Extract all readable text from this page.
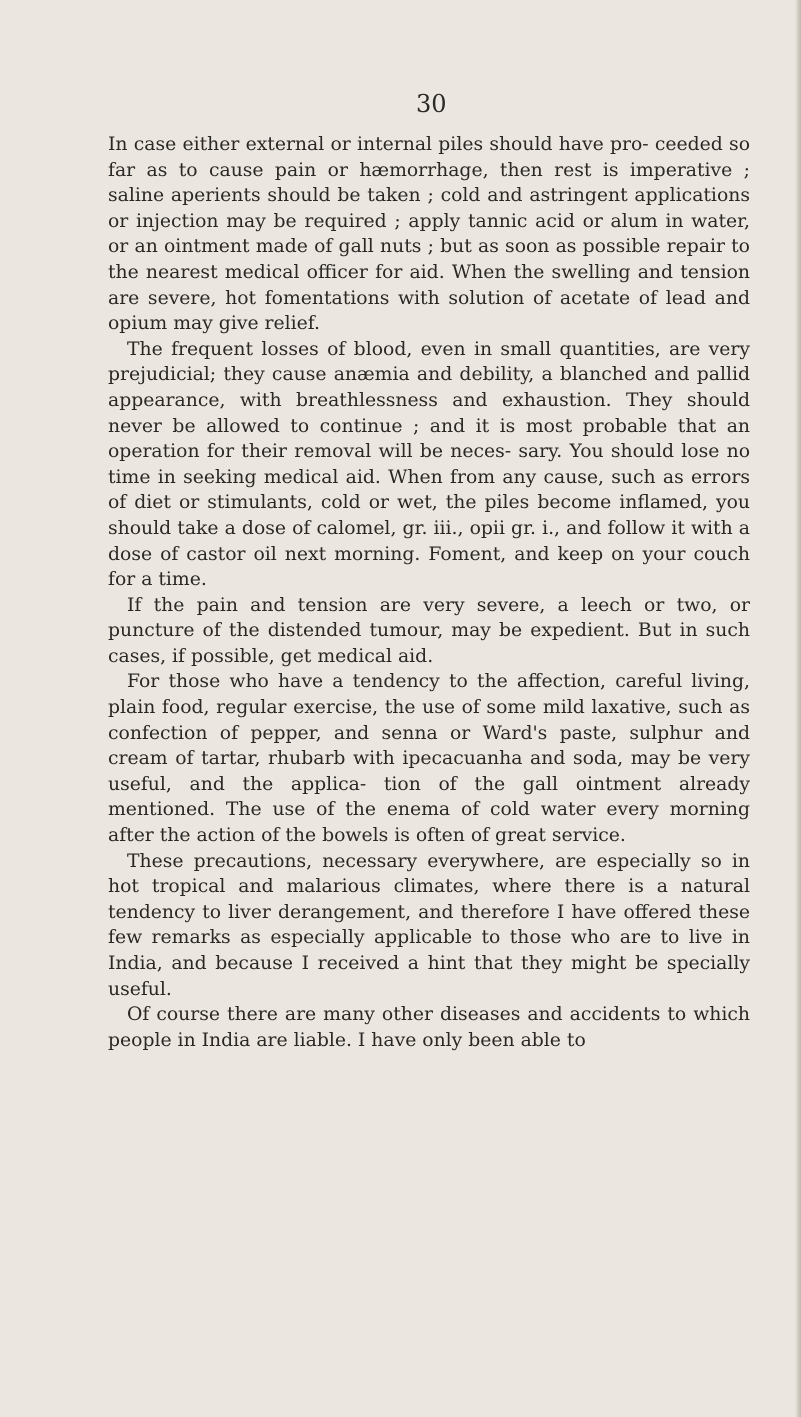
30

In case either external or internal piles should have pro- ceeded so far as to cause pain or hæmorrhage, then rest is imperative ; saline aperients should be taken ; cold and astringent applications or injection may be required ; apply tannic acid or alum in water, or an ointment made of gall nuts ; but as soon as possible repair to the nearest medical officer for aid. When the swelling and tension are severe, hot fomentations with solution of acetate of lead and opium may give relief.

The frequent losses of blood, even in small quantities, are very prejudicial; they cause anæmia and debility, a blanched and pallid appearance, with breathlessness and exhaustion. They should never be allowed to continue ; and it is most probable that an operation for their removal will be neces- sary. You should lose no time in seeking medical aid. When from any cause, such as errors of diet or stimulants, cold or wet, the piles become inflamed, you should take a dose of calomel, gr. iii., opii gr. i., and follow it with a dose of castor oil next morning. Foment, and keep on your couch for a time.

If the pain and tension are very severe, a leech or two, or puncture of the distended tumour, may be expedient. But in such cases, if possible, get medical aid.

For those who have a tendency to the affection, careful living, plain food, regular exercise, the use of some mild laxative, such as confection of pepper, and senna or Ward's paste, sulphur and cream of tartar, rhubarb with ipecacuanha and soda, may be very useful, and the applica- tion of the gall ointment already mentioned. The use of the enema of cold water every morning after the action of the bowels is often of great service.

These precautions, necessary everywhere, are especially so in hot tropical and malarious climates, where there is a natural tendency to liver derangement, and therefore I have offered these few remarks as especially applicable to those who are to live in India, and because I received a hint that they might be specially useful.

Of course there are many other diseases and accidents to which people in India are liable. I have only been able to
